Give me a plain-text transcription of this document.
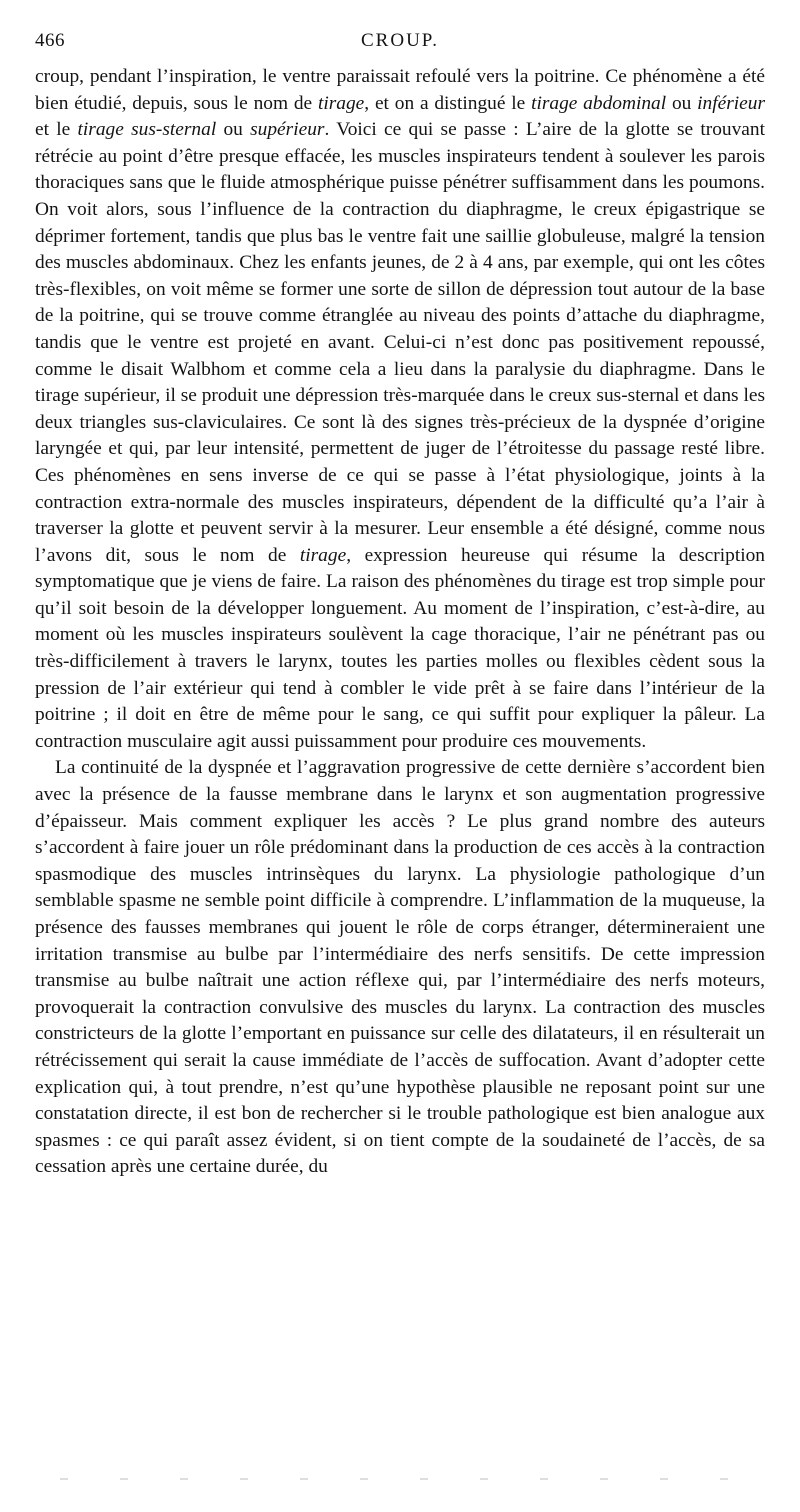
466	CROUP.

croup, pendant l’inspiration, le ventre paraissait refoulé vers la poitrine. Ce phénomène a été bien étudié, depuis, sous le nom de tirage, et on a distingué le tirage abdominal ou inférieur et le tirage sus-sternal ou supérieur. Voici ce qui se passe : L’aire de la glotte se trouvant rétrécie au point d’être presque effacée, les muscles inspirateurs tendent à soulever les parois thoraciques sans que le fluide atmosphérique puisse pénétrer suffisamment dans les poumons. On voit alors, sous l’influence de la contraction du diaphragme, le creux épigastrique se déprimer fortement, tandis que plus bas le ventre fait une saillie globuleuse, malgré la tension des muscles abdominaux. Chez les enfants jeunes, de 2 à 4 ans, par exemple, qui ont les côtes très-flexibles, on voit même se former une sorte de sillon de dépression tout autour de la base de la poitrine, qui se trouve comme étranglée au niveau des points d’attache du diaphragme, tandis que le ventre est projeté en avant. Celui-ci n’est donc pas positivement repoussé, comme le disait Walbhom et comme cela a lieu dans la paralysie du diaphragme. Dans le tirage supérieur, il se produit une dépression très-marquée dans le creux sus-sternal et dans les deux triangles sus-claviculaires. Ce sont là des signes très-précieux de la dyspnée d’origine laryngée et qui, par leur intensité, permettent de juger de l’étroitesse du passage resté libre. Ces phénomènes en sens inverse de ce qui se passe à l’état physiologique, joints à la contraction extra-normale des muscles inspirateurs, dépendent de la difficulté qu’a l’air à traverser la glotte et peuvent servir à la mesurer. Leur ensemble a été désigné, comme nous l’avons dit, sous le nom de tirage, expression heureuse qui résume la description symptomatique que je viens de faire. La raison des phénomènes du tirage est trop simple pour qu’il soit besoin de la développer longuement. Au moment de l’inspiration, c’est-à-dire, au moment où les muscles inspirateurs soulèvent la cage thoracique, l’air ne pénétrant pas ou très-difficilement à travers le larynx, toutes les parties molles ou flexibles cèdent sous la pression de l’air extérieur qui tend à combler le vide prêt à se faire dans l’intérieur de la poitrine ; il doit en être de même pour le sang, ce qui suffit pour expliquer la pâleur. La contraction musculaire agit aussi puissamment pour produire ces mouvements.

La continuité de la dyspnée et l’aggravation progressive de cette dernière s’accordent bien avec la présence de la fausse membrane dans le larynx et son augmentation progressive d’épaisseur. Mais comment expliquer les accès ? Le plus grand nombre des auteurs s’accordent à faire jouer un rôle prédominant dans la production de ces accès à la contraction spasmodique des muscles intrinsèques du larynx. La physiologie pathologique d’un semblable spasme ne semble point difficile à comprendre. L’inflammation de la muqueuse, la présence des fausses membranes qui jouent le rôle de corps étranger, détermineraient une irritation transmise au bulbe par l’intermédiaire des nerfs sensitifs. De cette impression transmise au bulbe naîtrait une action réflexe qui, par l’intermédiaire des nerfs moteurs, provoquerait la contraction convulsive des muscles du larynx. La contraction des muscles constricteurs de la glotte l’emportant en puissance sur celle des dilatateurs, il en résulterait un rétrécissement qui serait la cause immédiate de l’accès de suffocation. Avant d’adopter cette explication qui, à tout prendre, n’est qu’une hypothèse plausible ne reposant point sur une constatation directe, il est bon de rechercher si le trouble pathologique est bien analogue aux spasmes : ce qui paraît assez évident, si on tient compte de la soudaineté de l’accès, de sa cessation après une certaine durée, du
